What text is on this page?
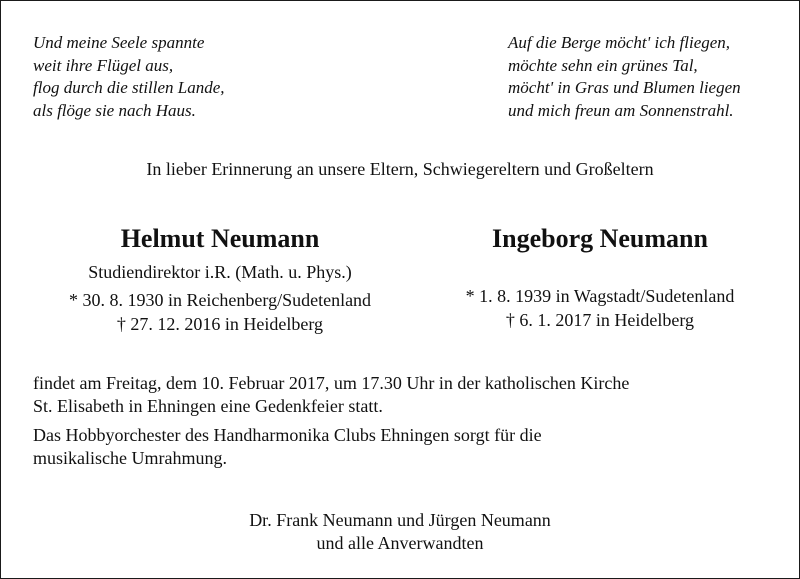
Und meine Seele spannte
weit ihre Flügel aus,
flog durch die stillen Lande,
als flöge sie nach Haus.
Auf die Berge möcht' ich fliegen,
möchte sehn ein grünes Tal,
möcht' in Gras und Blumen liegen
und mich freun am Sonnenstrahl.
In lieber Erinnerung an unsere Eltern, Schwiegereltern und Großeltern
Helmut Neumann
Studiendirektor i.R. (Math. u. Phys.)
* 30. 8. 1930 in Reichenberg/Sudetenland
† 27. 12. 2016 in Heidelberg
Ingeborg Neumann
* 1. 8. 1939 in Wagstadt/Sudetenland
† 6. 1. 2017 in Heidelberg
findet am Freitag, dem 10. Februar 2017, um 17.30 Uhr in der katholischen Kirche
St. Elisabeth in Ehningen eine Gedenkfeier statt.
Das Hobbyorchester des Handharmonika Clubs Ehningen sorgt für die
musikalische Umrahmung.
Dr. Frank Neumann und Jürgen Neumann
und alle Anverwandten
